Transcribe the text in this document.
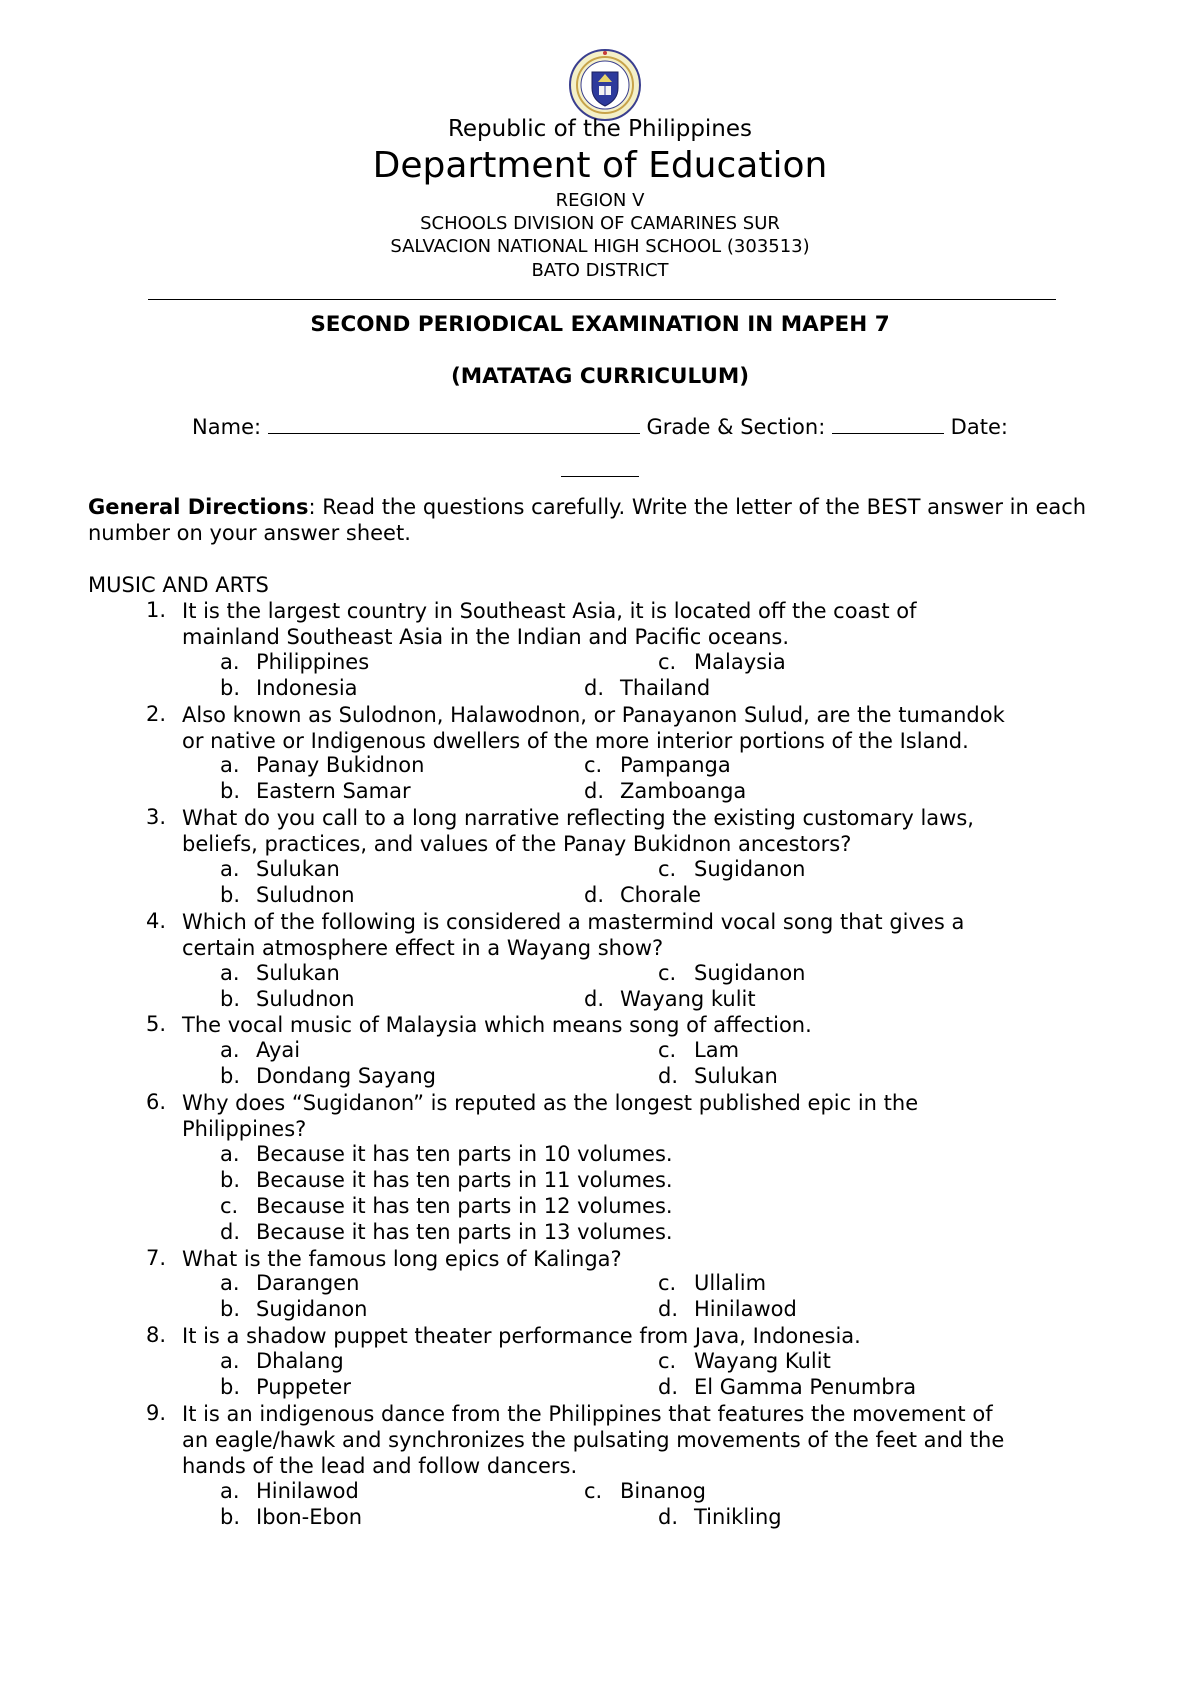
Republic of the Philippines
Department of Education
REGION V
SCHOOLS DIVISION OF CAMARINES SUR
SALVACION NATIONAL HIGH SCHOOL (303513)
BATO DISTRICT
SECOND PERIODICAL EXAMINATION IN MAPEH 7
(MATATAG CURRICULUM)
Name:	Grade & Section:	Date:
General Directions: Read the questions carefully. Write the letter of the BEST answer in each number on your answer sheet.
MUSIC AND ARTS
1. It is the largest country in Southeast Asia, it is located off the coast of
mainland Southeast Asia in the Indian and Pacific oceans.
a. Philippines	c. Malaysia
b. Indonesia	d. Thailand
2. Also known as Sulodnon, Halawodnon, or Panayanon Sulud, are the tumandok
or native or Indigenous dwellers of the more interior portions of the Island.
a. Panay Bukidnon	c. Pampanga
b. Eastern Samar	d. Zamboanga
3. What do you call to a long narrative reflecting the existing customary laws,
beliefs, practices, and values of the Panay Bukidnon ancestors?
a. Sulukan	c. Sugidanon
b. Suludnon	d. Chorale
4. Which of the following is considered a mastermind vocal song that gives a
certain atmosphere effect in a Wayang show?
a. Sulukan	c. Sugidanon
b. Suludnon	d. Wayang kulit
5. The vocal music of Malaysia which means song of affection.
a. Ayai	c. Lam
b. Dondang Sayang	d. Sulukan
6. Why does “Sugidanon” is reputed as the longest published epic in the
Philippines?
a. Because it has ten parts in 10 volumes.
b. Because it has ten parts in 11 volumes.
c. Because it has ten parts in 12 volumes.
d. Because it has ten parts in 13 volumes.
7. What is the famous long epics of Kalinga?
a. Darangen	c. Ullalim
b. Sugidanon	d. Hinilawod
8. It is a shadow puppet theater performance from Java, Indonesia.
a. Dhalang	c. Wayang Kulit
b. Puppeter	d. El Gamma Penumbra
9. It is an indigenous dance from the Philippines that features the movement of
an eagle/hawk and synchronizes the pulsating movements of the feet and the
hands of the lead and follow dancers.
a. Hinilawod	c. Binanog
b. Ibon-Ebon	d. Tinikling
